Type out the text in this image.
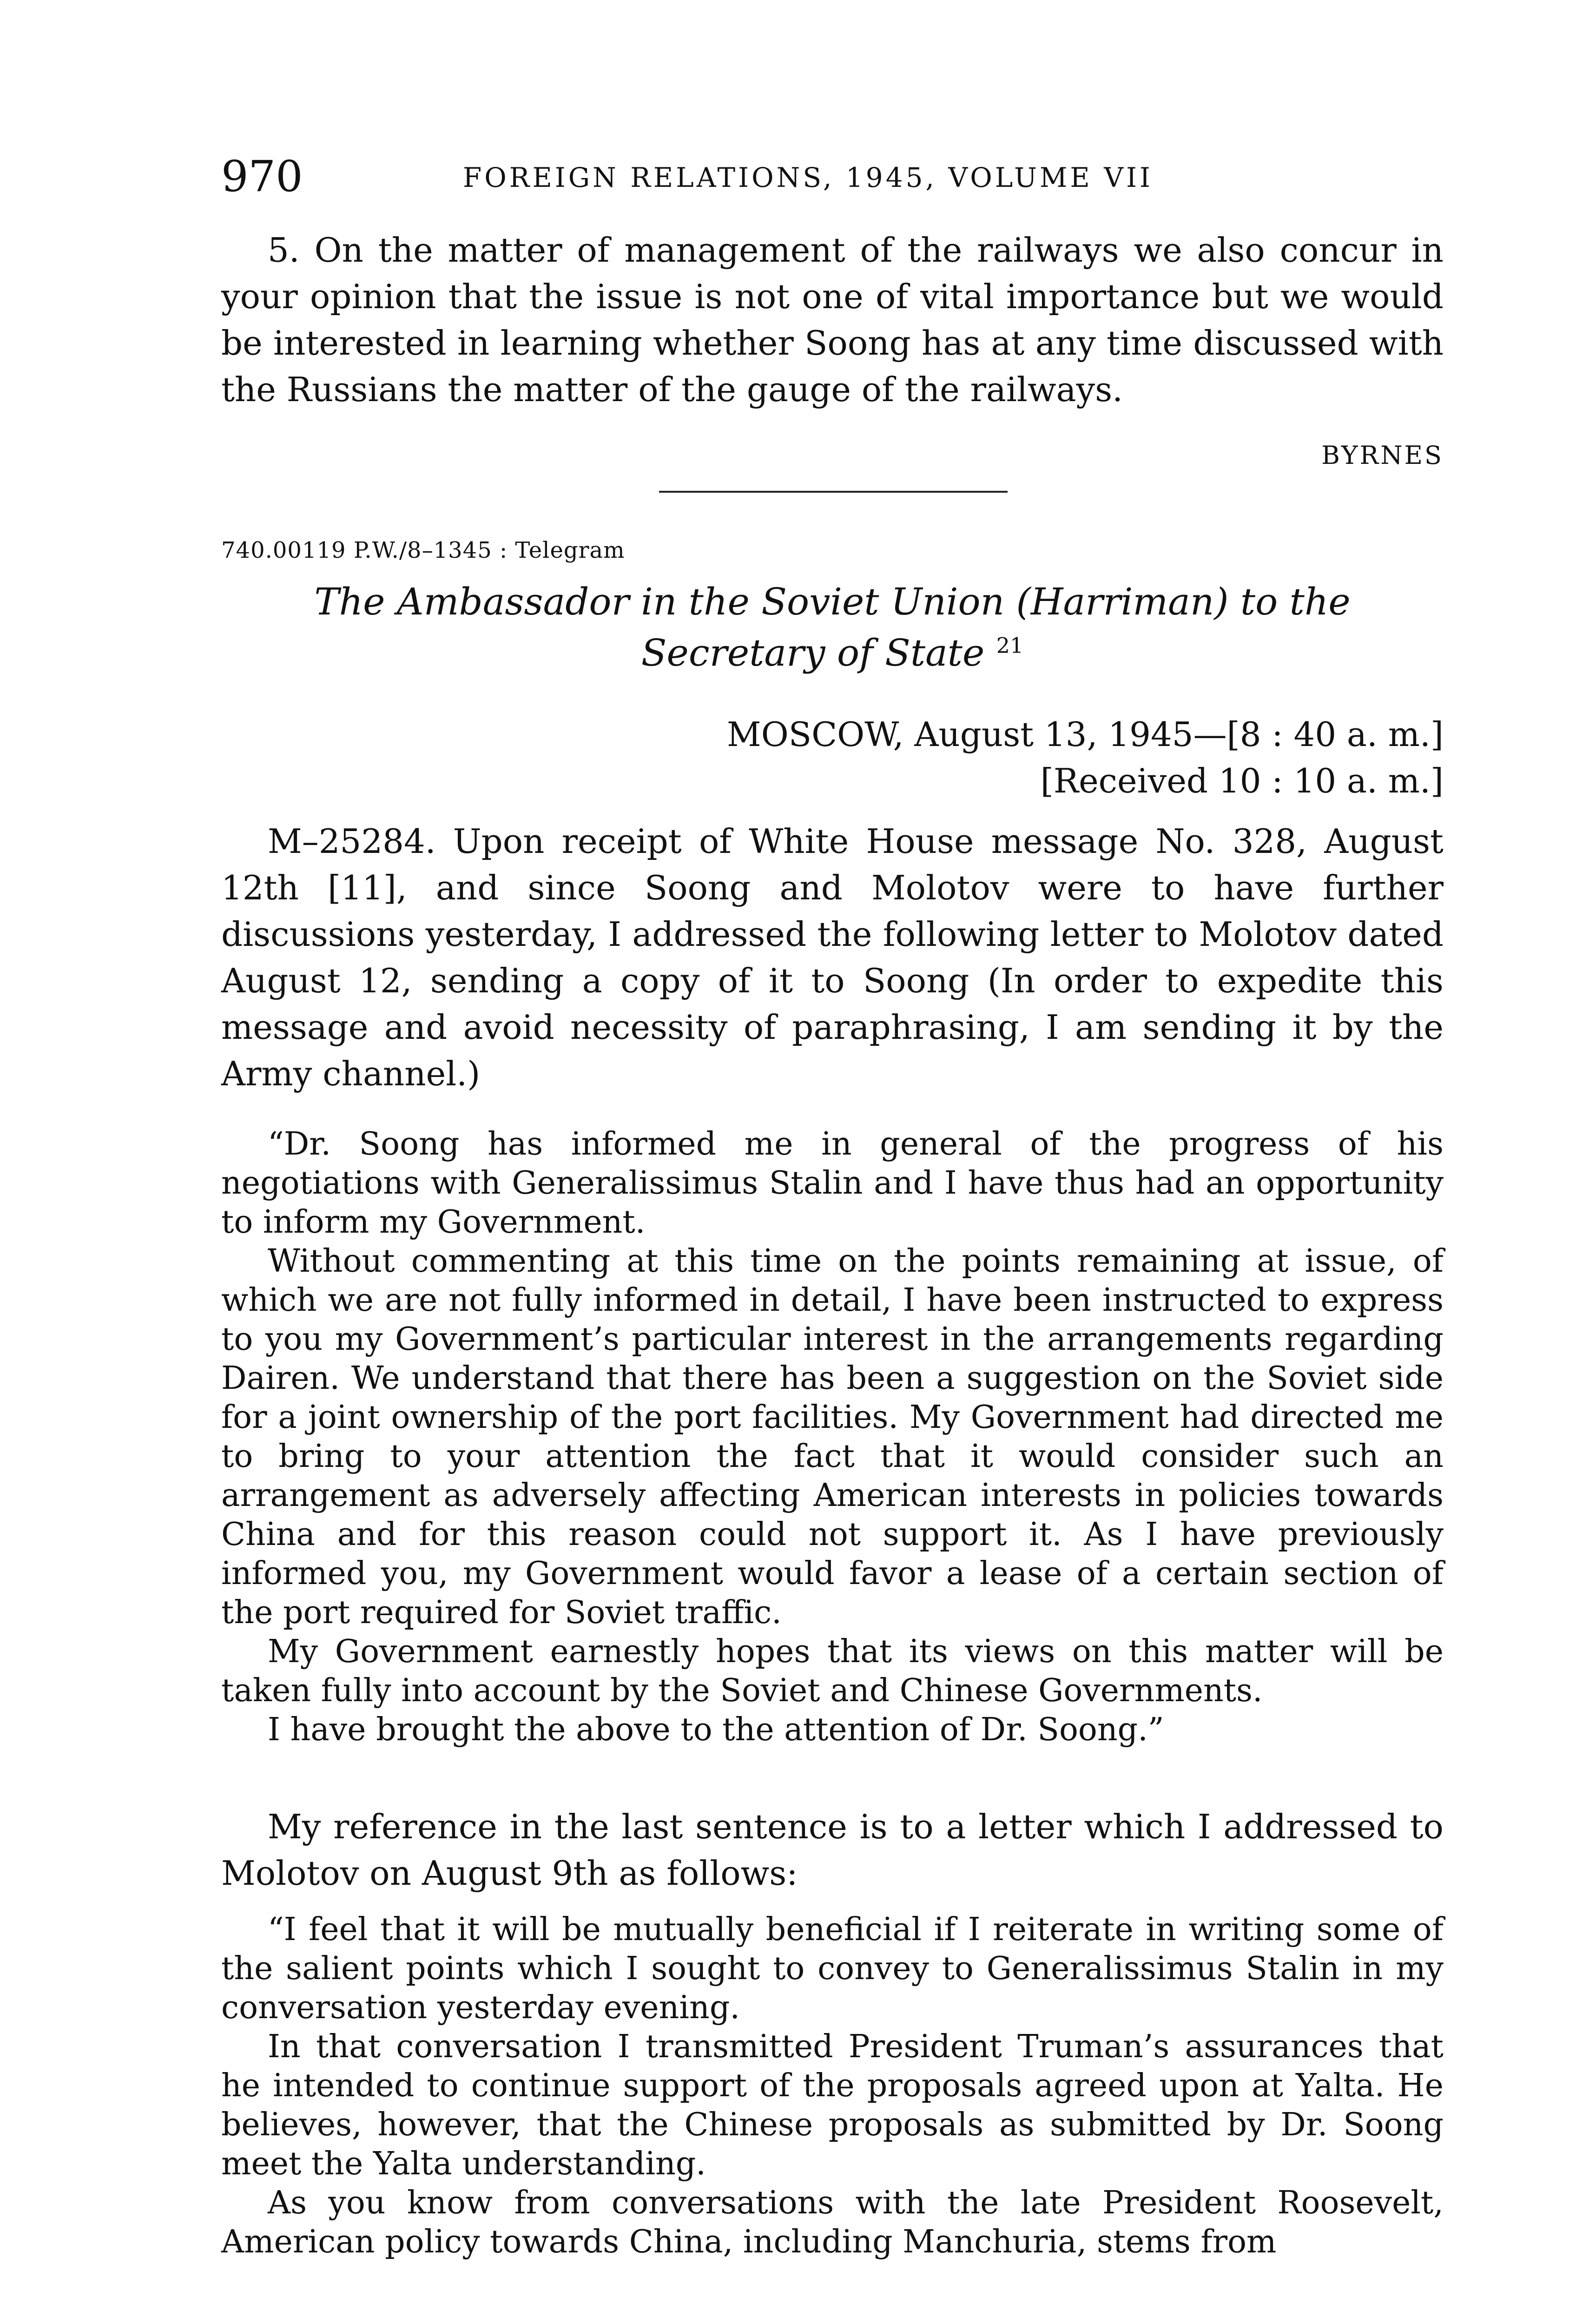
970	FOREIGN RELATIONS, 1945, VOLUME VII

5. On the matter of management of the railways we also concur in your opinion that the issue is not one of vital importance but we would be interested in learning whether Soong has at any time discussed with the Russians the matter of the gauge of the railways.

BYRNES
740.00119 P.W./8–1345 : Telegram

The Ambassador in the Soviet Union (Harriman) to the Secretary of State $^{21}$

MOSCOW, August 13, 1945—[8 : 40 a. m.]
[Received 10 : 10 a. m.]

M–25284. Upon receipt of White House message No. 328, August 12th [11], and since Soong and Molotov were to have further discussions yesterday, I addressed the following letter to Molotov dated August 12, sending a copy of it to Soong (In order to expedite this message and avoid necessity of paraphrasing, I am sending it by the Army channel.)

“Dr. Soong has informed me in general of the progress of his negotiations with Generalissimus Stalin and I have thus had an opportunity to inform my Government.

Without commenting at this time on the points remaining at issue, of which we are not fully informed in detail, I have been instructed to express to you my Government’s particular interest in the arrangements regarding Dairen. We understand that there has been a suggestion on the Soviet side for a joint ownership of the port facilities. My Government had directed me to bring to your attention the fact that it would consider such an arrangement as adversely affecting American interests in policies towards China and for this reason could not support it. As I have previously informed you, my Government would favor a lease of a certain section of the port required for Soviet traffic.

My Government earnestly hopes that its views on this matter will be taken fully into account by the Soviet and Chinese Governments.

I have brought the above to the attention of Dr. Soong.”

My reference in the last sentence is to a letter which I addressed to Molotov on August 9th as follows:

“I feel that it will be mutually beneficial if I reiterate in writing some of the salient points which I sought to convey to Generalissimus Stalin in my conversation yesterday evening.

In that conversation I transmitted President Truman’s assurances that he intended to continue support of the proposals agreed upon at Yalta. He believes, however, that the Chinese proposals as submitted by Dr. Soong meet the Yalta understanding.

As you know from conversations with the late President Roosevelt, American policy towards China, including Manchuria, stems from
